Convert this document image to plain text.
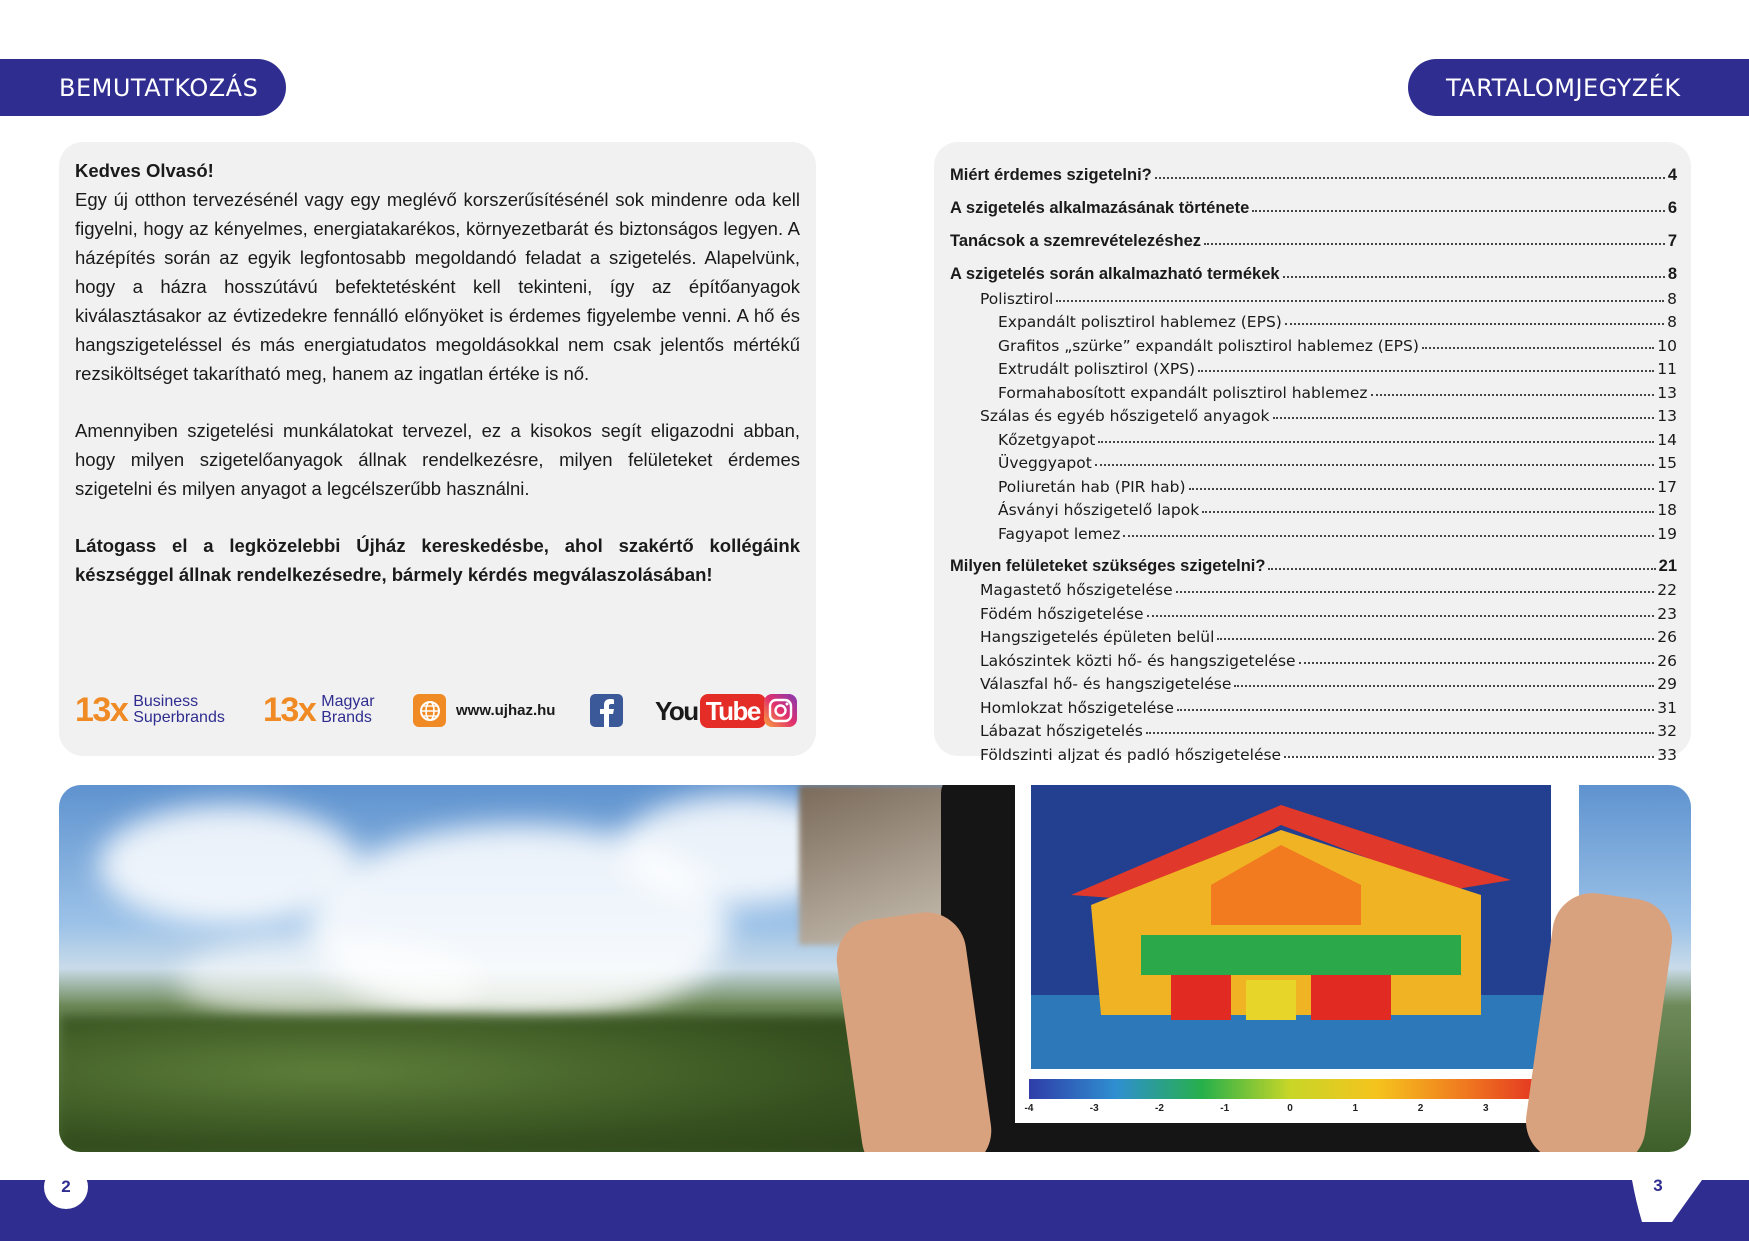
BEMUTATKOZÁS	TARTALOMJEGYZÉK

Kedves Olvasó!

Egy új otthon tervezésénél vagy egy meglévő korszerűsítésénél sok mindenre oda kell figyelni, hogy az kényelmes, energiatakarékos, környezetbarát és biztonságos legyen. A házépítés során az egyik legfontosabb megoldandó feladat a szigetelés. Alapelvünk, hogy a házra hosszútávú befektetésként kell tekinteni, így az építőanyagok kiválasztásakor az évtizedekre fennálló előnyöket is érdemes figyelembe venni. A hő és hangszigeteléssel és más energiatudatos megoldásokkal nem csak jelentős mértékű rezsiköltséget takarítható meg, hanem az ingatlan értéke is nő.

Amennyiben szigetelési munkálatokat tervezel, ez a kisokos segít eligazodni abban, hogy milyen szigetelőanyagok állnak rendelkezésre, milyen felületeket érdemes szigetelni és milyen anyagot a legcélszerűbb használni.

Látogass el a legközelebbi Újház kereskedésbe, ahol szakértő kollégáink készséggel állnak rendelkezésedre, bármely kérdés megválaszolásában!

13x Business
Superbrands 13x Magyar
Brands	www.ujhaz.hu	You Tube
Miért érdemes szigetelni?	4
A szigetelés alkalmazásának története	6
Tanácsok a szemrevételezéshez	7
A szigetelés során alkalmazható termékek	8
Polisztirol	8
Expandált polisztirol hablemez (EPS)	8
Grafitos „szürke” expandált polisztirol hablemez (EPS)	10
Extrudált polisztirol (XPS)	11
Formahabosított expandált polisztirol hablemez	13
Szálas és egyéb hőszigetelő anyagok	13
Kőzetgyapot	14
Üveggyapot	15
Poliuretán hab (PIR hab)	17
Ásványi hőszigetelő lapok	18
Fagyapot lemez	19
Milyen felületeket szükséges szigetelni?	21
Magastető hőszigetelése	22
Födém hőszigetelése	23
Hangszigetelés épületen belül	26
Lakószintek közti hő- és hangszigetelése	26
Válaszfal hő- és hangszigetelése	29
Homlokzat hőszigetelése	31
Lábazat hőszigetelés	32
Földszinti aljzat és padló hőszigetelése	33
-4	-3	-2	-1	0	1	2	3
2	3
